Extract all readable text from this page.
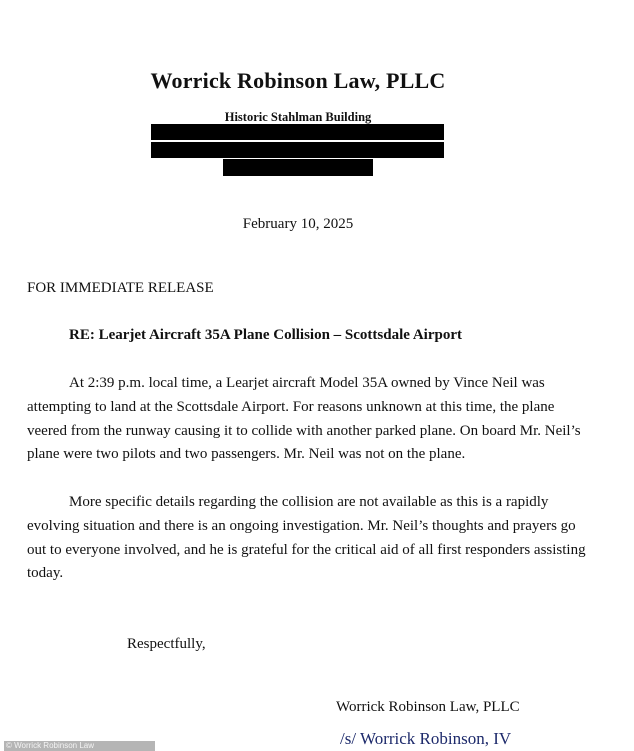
Worrick Robinson Law, PLLC
Historic Stahlman Building
February 10, 2025
FOR IMMEDIATE RELEASE
RE: Learjet Aircraft 35A Plane Collision – Scottsdale Airport

At 2:39 p.m. local time, a Learjet aircraft Model 35A owned by Vince Neil was attempting to land at the Scottsdale Airport. For reasons unknown at this time, the plane veered from the runway causing it to collide with another parked plane. On board Mr. Neil’s plane were two pilots and two passengers. Mr. Neil was not on the plane.

More specific details regarding the collision are not available as this is a rapidly evolving situation and there is an ongoing investigation. Mr. Neil’s thoughts and prayers go out to everyone involved, and he is grateful for the critical aid of all first responders assisting today.

Respectfully,
Worrick Robinson Law, PLLC
/s/ Worrick Robinson, IV
© Worrick Robinson Law
